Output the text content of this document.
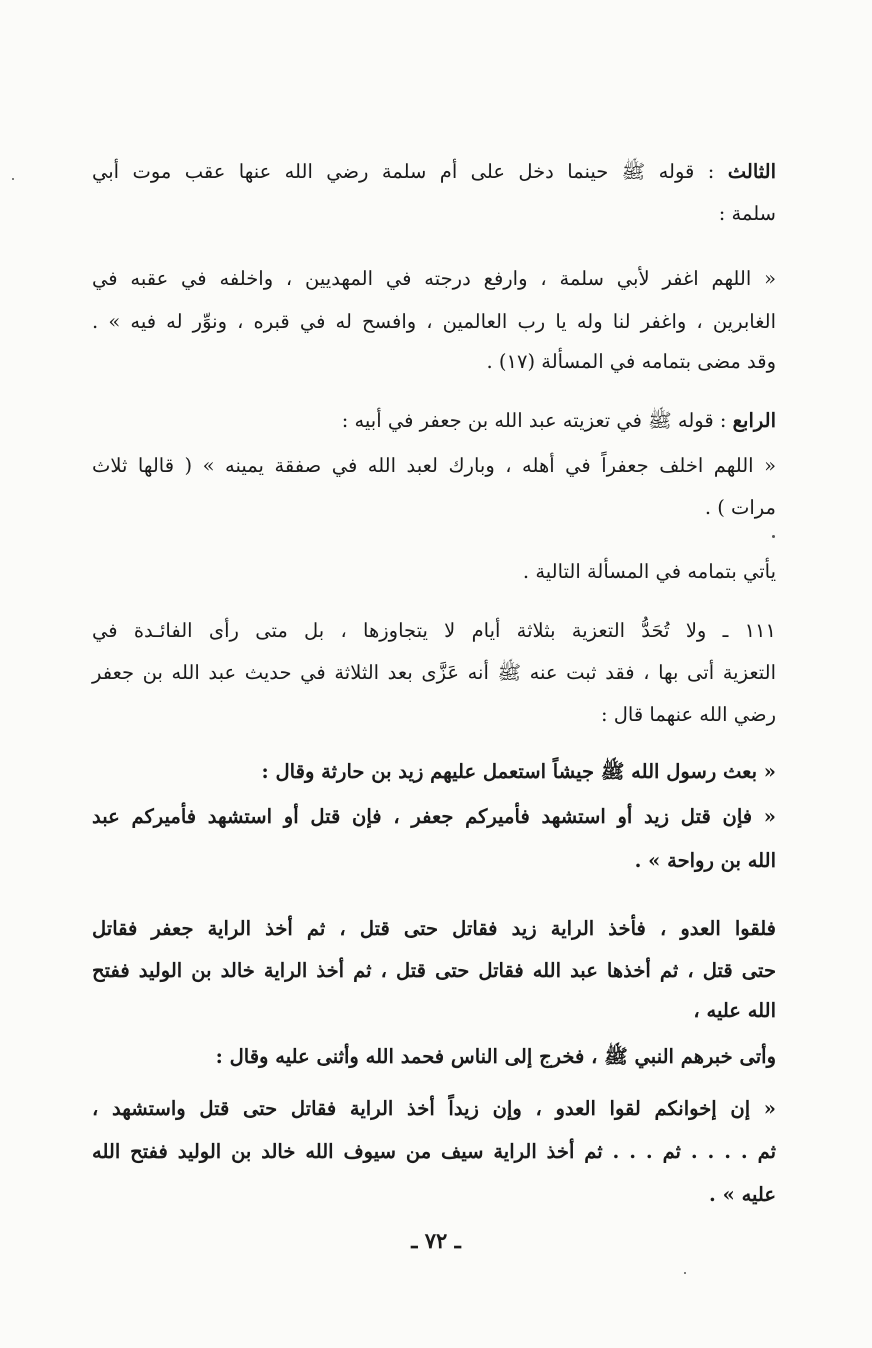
الثالث : قوله ﷺ حينما دخل على أم سلمة رضي الله عنها عقب موت أبي
سلمة :
« اللهم اغفر لأبي سلمة ، وارفع درجته في المهديين ، واخلفه في عقبه في
الغابرين ، واغفر لنا وله يا رب العالمين ، وافسح له في قبره ، ونوِّر له فيه » .
وقد مضى بتمامه في المسألة (١٧) .
الرابع : قوله ﷺ في تعزيته عبد الله بن جعفر في أبيه :
« اللهم اخلف جعفراً في أهله ، وبارك لعبد الله في صفقة يمينه » ( قالها ثلاث
مرات ) .
يأتي بتمامه في المسألة التالية .
١١١ ـ ولا تُحَدُّ التعزية بثلاثة أيام لا يتجاوزها ، بل متى رأى الفائـدة في
التعزية أتى بها ، فقد ثبت عنه ﷺ أنه عَزَّى بعد الثلاثة في حديث عبد الله بن جعفر
رضي الله عنهما قال :
« بعث رسول الله ﷺ جيشاً استعمل عليهم زيد بن حارثة وقال :
« فإن قتل زيد أو استشهد فأميركم جعفر ، فإن قتل أو استشهد فأميركم عبد
الله بن رواحة » .
فلقوا العدو ، فأخذ الراية زيد فقاتل حتى قتل ، ثم أخذ الراية جعفر فقاتل
حتى قتل ، ثم أخذها عبد الله فقاتل حتى قتل ، ثم أخذ الراية خالد بن الوليد ففتح
الله عليه ،
وأتى خبرهم النبي ﷺ ، فخرج إلى الناس فحمد الله وأثنى عليه وقال :
« إن إخوانكم لقوا العدو ، وإن زيداً أخذ الراية فقاتل حتى قتل واستشهد ،
ثم . . . . ثم . . . ثم أخذ الراية سيف من سيوف الله خالد بن الوليد ففتح الله
عليه » .
ـ ٧٢ ـ
